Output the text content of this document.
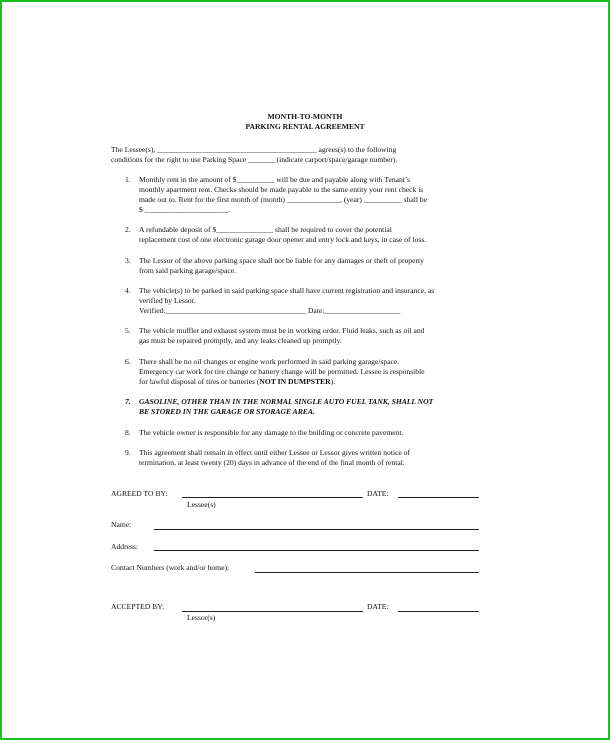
MONTH-TO-MONTH
PARKING RENTAL AGREEMENT
The Lessee(s), __________________________________________ agrees(s) to the following
conditions for the right to use Parking Space _______ (indicate carport/space/garage number).
1. Monthly rent in the amount of $__________ will be due and payable along with Tenant’s
monthly apartment rent. Checks should be made payable to the same entity your rent check is
made out to. Rent for the first month of (month) ______________, (year) __________ shall be
$ ______________________.
2. A refundable deposit of $_______________ shall be required to cover the potential
replacement cost of one electronic garage door opener and entry lock and keys, in case of loss.
3. The Lessor of the above parking space shall not be liable for any damages or theft of property
from said parking garage/space.
4. The vehicle(s) to be parked in said parking space shall have current registration and insurance, as
verified by Lessor.
Verified:_____________________________________ Date:____________________
5. The vehicle muffler and exhaust system must be in working order. Fluid leaks, such as oil and
gas must be repaired promptly, and any leaks cleaned up promptly.
6. There shall be no oil changes or engine work performed in said parking garage/space.
Emergency car work for tire change or battery change will be permitted. Lessee is responsible
for lawful disposal of tires or batteries (NOT IN DUMPSTER).
7. GASOLINE, OTHER THAN IN THE NORMAL SINGLE AUTO FUEL TANK, SHALL NOT
BE STORED IN THE GARAGE OR STORAGE AREA.
8. The vehicle owner is responsible for any damage to the building or concrete pavement.
9. This agreement shall remain in effect until either Lessee or Lessor gives written notice of
termination, at least twenty (20) days in advance of the end of the final month of rental.
AGREED TO BY:	DATE:
Lessee(s)
Name:
Address:
Contact Numbers (work and/or home):
ACCEPTED BY:	DATE:
Lessor(s)
